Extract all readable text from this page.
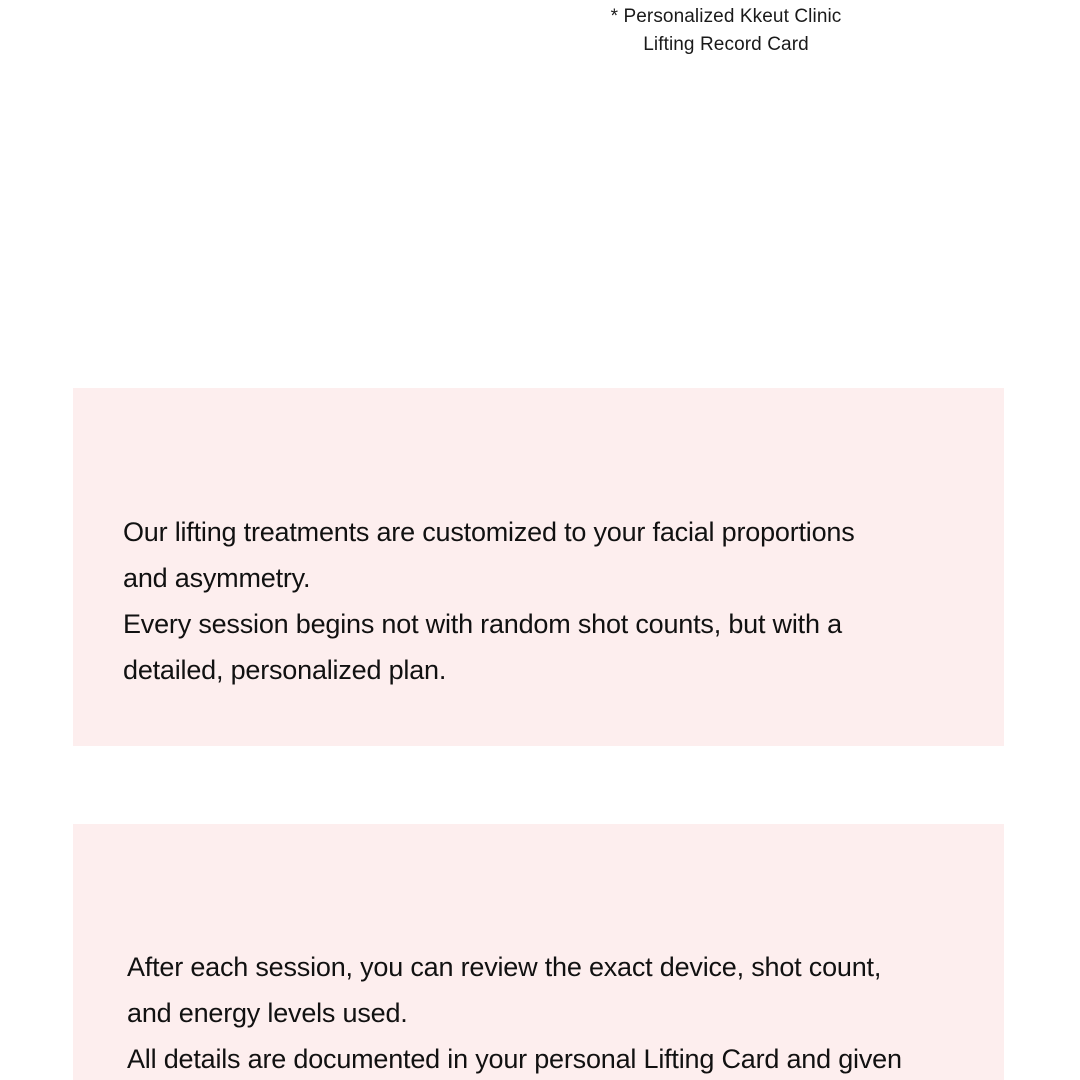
* Personalized Kkeut Clinic
Lifting Record Card
Our lifting treatments are customized to your facial proportions
and asymmetry.
Every session begins not with random shot counts, but with a
detailed, personalized plan.
After each session, you can review the exact device, shot count,
and energy levels used.
All details are documented in your personal Lifting Card and given
